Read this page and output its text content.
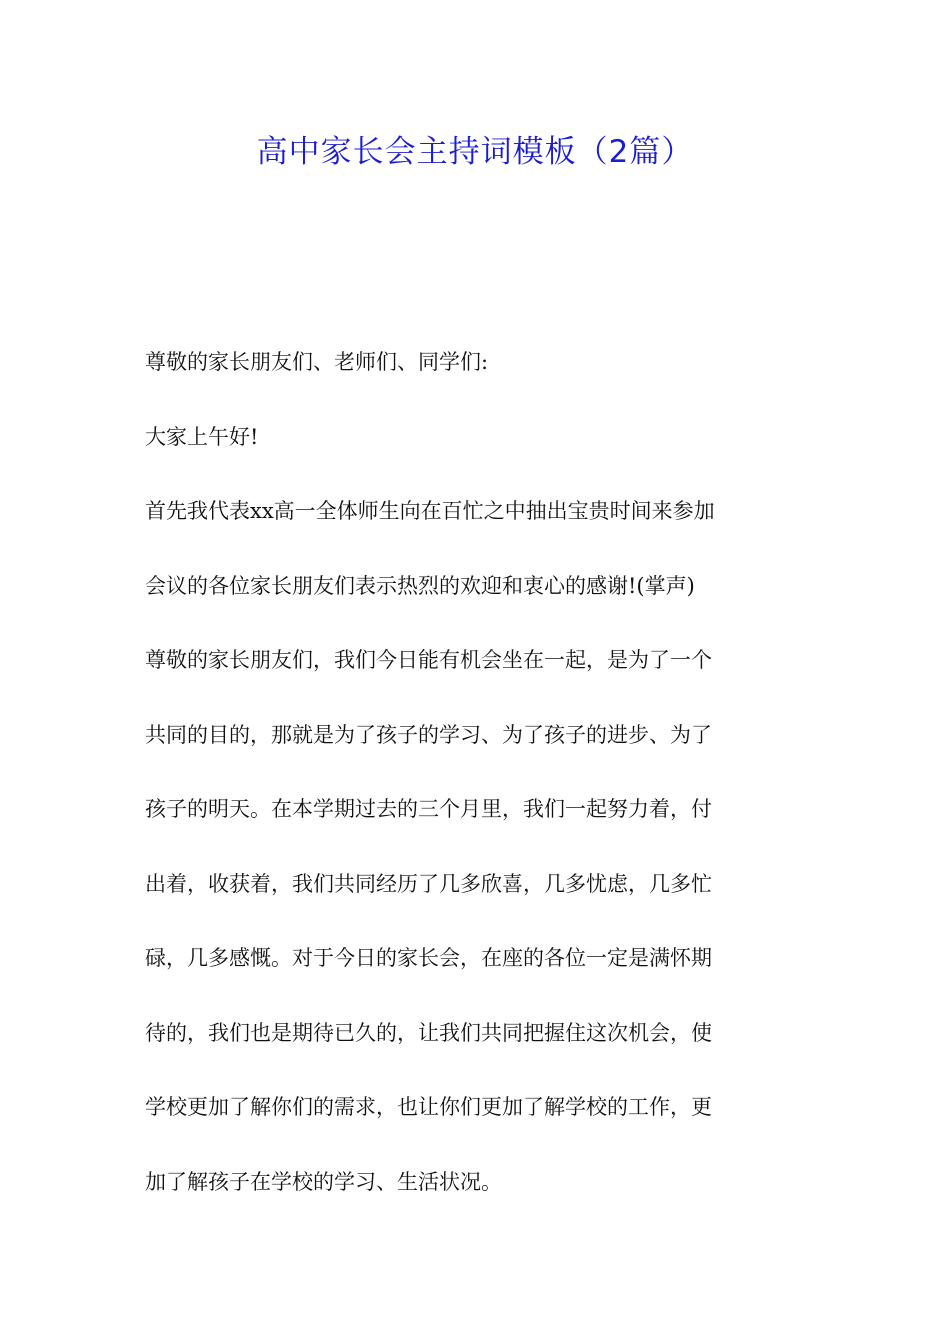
高中家长会主持词模板（2篇）

尊敬的家长朋友们、老师们、同学们:

大家上午好!

首先我代表xx高一全体师生向在百忙之中抽出宝贵时间来参加

会议的各位家长朋友们表示热烈的欢迎和衷心的感谢!(掌声)

尊敬的家长朋友们，我们今日能有机会坐在一起，是为了一个

共同的目的，那就是为了孩子的学习、为了孩子的进步、为了

孩子的明天。在本学期过去的三个月里，我们一起努力着，付

出着，收获着，我们共同经历了几多欣喜，几多忧虑，几多忙

碌，几多感慨。对于今日的家长会，在座的各位一定是满怀期

待的，我们也是期待已久的，让我们共同把握住这次机会，使

学校更加了解你们的需求，也让你们更加了解学校的工作，更

加了解孩子在学校的学习、生活状况。
